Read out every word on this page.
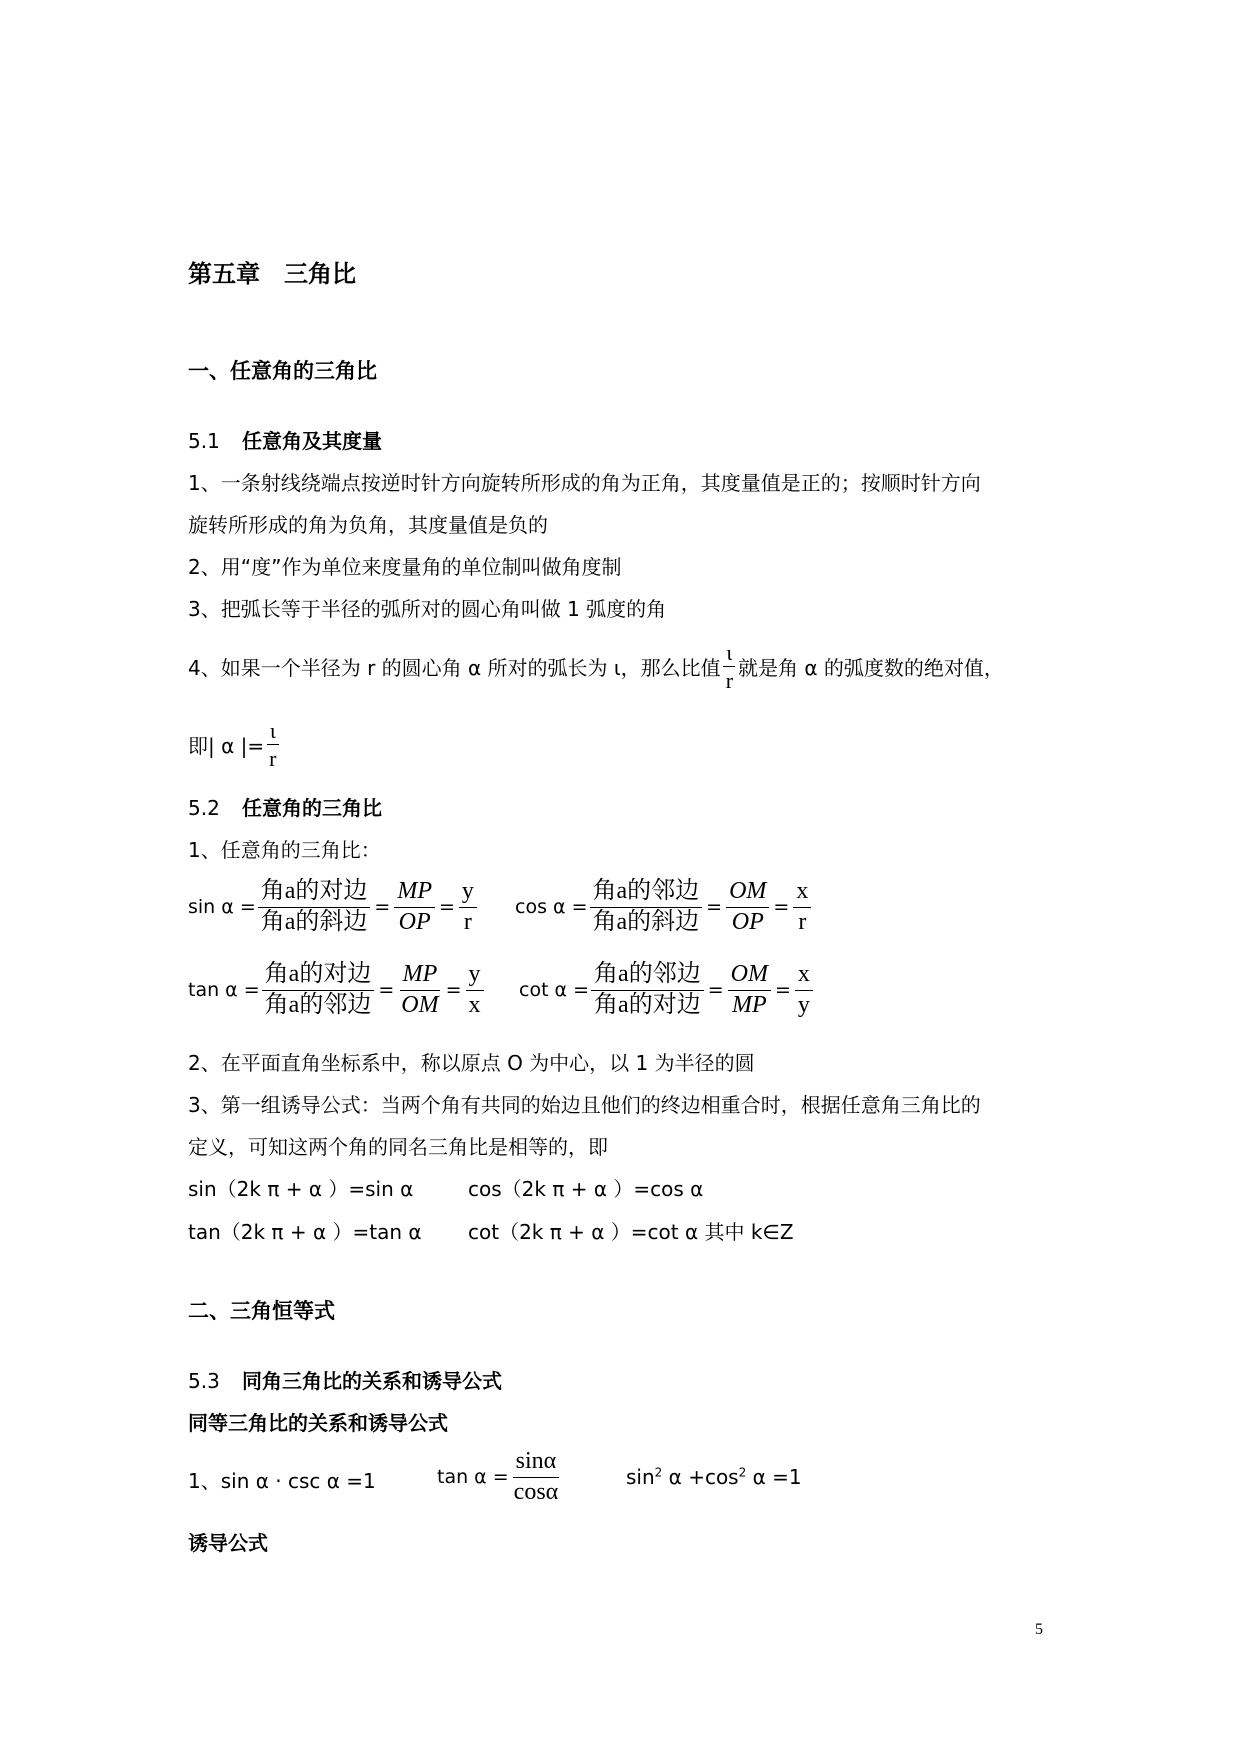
第五章　三角比
一、任意角的三角比
5.1 任意角及其度量
1、一条射线绕端点按逆时针方向旋转所形成的角为正角，其度量值是正的；按顺时针方向
旋转所形成的角为负角，其度量值是负的
2、用“度”作为单位来度量角的单位制叫做角度制
3、把弧长等于半径的弧所对的圆心角叫做 1 弧度的角
4、如果一个半径为 r 的圆心角 α 所对的弧长为 ι，那么比值 $\frac{\iota}{r}$ 就是角 α 的弧度数的绝对值，
即| α |= $\frac{\iota}{r}$
5.2 任意角的三角比
1、任意角的三角比：
$\sin \alpha = \frac{\text{角a的对边}}{\text{角a的斜边}} = \frac{MP}{OP} = \frac{y}{r}$ $\cos \alpha = \frac{\text{角a的邻边}}{\text{角a的斜边}} = \frac{OM}{OP} = \frac{x}{r}$
$\tan \alpha = \frac{\text{角a的对边}}{\text{角a的邻边}} = \frac{MP}{OM} = \frac{y}{x}$ $\cot \alpha = \frac{\text{角a的邻边}}{\text{角a的对边}} = \frac{OM}{MP} = \frac{x}{y}$
2、在平面直角坐标系中，称以原点 O 为中心，以 1 为半径的圆
3、第一组诱导公式：当两个角有共同的始边且他们的终边相重合时，根据任意角三角比的
定义，可知这两个角的同名三角比是相等的，即
sin（2k π + α ）=sin α	cos（2k π + α ）=cos α
tan（2k π + α ）=tan α cot（2k π + α ）=cot α 其中 k∈Z
二、三角恒等式
5.3 同角三角比的关系和诱导公式
同等三角比的关系和诱导公式
1、sin α · csc α =1	$\tan \alpha = \frac{\sin\alpha}{\cos\alpha}$	$\sin^2 \alpha +\cos^2$ α =1
诱导公式
5
